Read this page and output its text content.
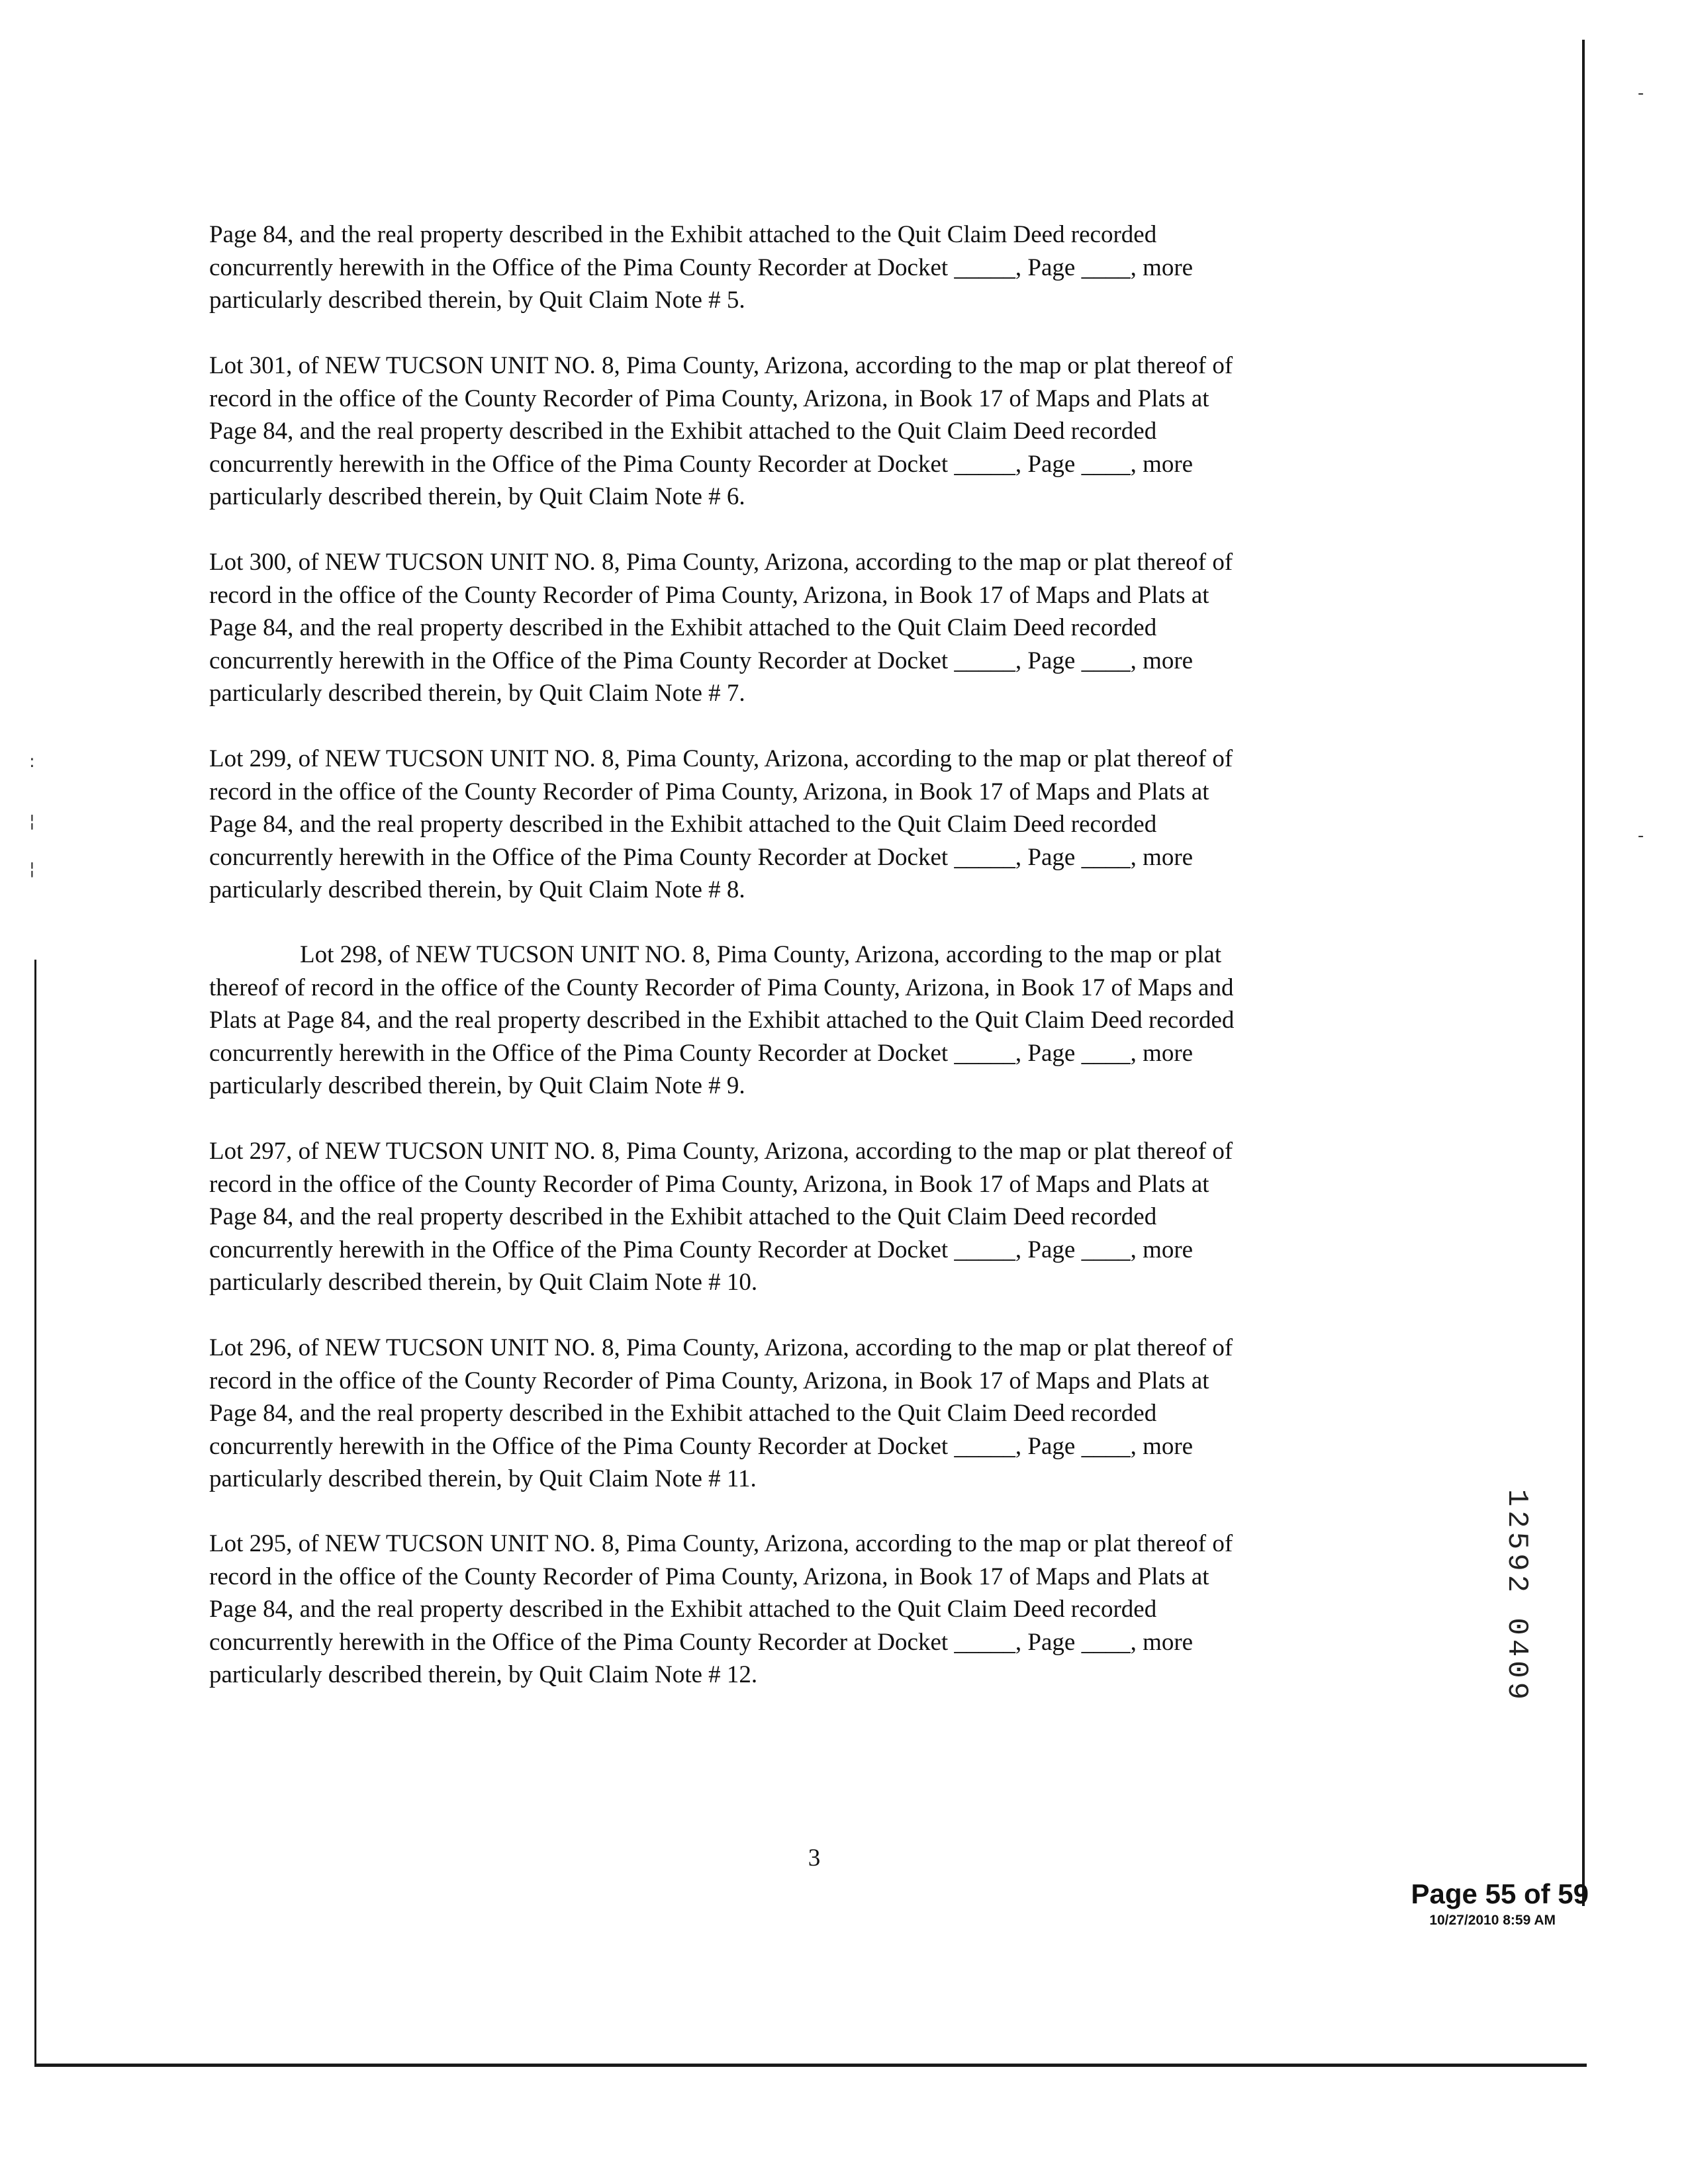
:
¦
¦
-
-

Page 84, and the real property described in the Exhibit attached to the Quit Claim Deed recorded
concurrently herewith in the Office of the Pima County Recorder at Docket _____, Page ____, more
particularly described therein, by Quit Claim Note # 5.

Lot 301, of NEW TUCSON UNIT NO. 8, Pima County, Arizona, according to the map or plat thereof of
record in the office of the County Recorder of Pima County, Arizona, in Book 17 of Maps and Plats at
Page 84, and the real property described in the Exhibit attached to the Quit Claim Deed recorded
concurrently herewith in the Office of the Pima County Recorder at Docket _____, Page ____, more
particularly described therein, by Quit Claim Note # 6.

Lot 300, of NEW TUCSON UNIT NO. 8, Pima County, Arizona, according to the map or plat thereof of
record in the office of the County Recorder of Pima County, Arizona, in Book 17 of Maps and Plats at
Page 84, and the real property described in the Exhibit attached to the Quit Claim Deed recorded
concurrently herewith in the Office of the Pima County Recorder at Docket _____, Page ____, more
particularly described therein, by Quit Claim Note # 7.

Lot 299, of NEW TUCSON UNIT NO. 8, Pima County, Arizona, according to the map or plat thereof of
record in the office of the County Recorder of Pima County, Arizona, in Book 17 of Maps and Plats at
Page 84, and the real property described in the Exhibit attached to the Quit Claim Deed recorded
concurrently herewith in the Office of the Pima County Recorder at Docket _____, Page ____, more
particularly described therein, by Quit Claim Note # 8.

Lot 298, of NEW TUCSON UNIT NO. 8, Pima County, Arizona, according to the map or plat
thereof of record in the office of the County Recorder of Pima County, Arizona, in Book 17 of Maps and
Plats at Page 84, and the real property described in the Exhibit attached to the Quit Claim Deed recorded
concurrently herewith in the Office of the Pima County Recorder at Docket _____, Page ____, more
particularly described therein, by Quit Claim Note # 9.

Lot 297, of NEW TUCSON UNIT NO. 8, Pima County, Arizona, according to the map or plat thereof of
record in the office of the County Recorder of Pima County, Arizona, in Book 17 of Maps and Plats at
Page 84, and the real property described in the Exhibit attached to the Quit Claim Deed recorded
concurrently herewith in the Office of the Pima County Recorder at Docket _____, Page ____, more
particularly described therein, by Quit Claim Note # 10.

Lot 296, of NEW TUCSON UNIT NO. 8, Pima County, Arizona, according to the map or plat thereof of
record in the office of the County Recorder of Pima County, Arizona, in Book 17 of Maps and Plats at
Page 84, and the real property described in the Exhibit attached to the Quit Claim Deed recorded
concurrently herewith in the Office of the Pima County Recorder at Docket _____, Page ____, more
particularly described therein, by Quit Claim Note # 11.

Lot 295, of NEW TUCSON UNIT NO. 8, Pima County, Arizona, according to the map or plat thereof of
record in the office of the County Recorder of Pima County, Arizona, in Book 17 of Maps and Plats at
Page 84, and the real property described in the Exhibit attached to the Quit Claim Deed recorded
concurrently herewith in the Office of the Pima County Recorder at Docket _____, Page ____, more
particularly described therein, by Quit Claim Note # 12.	12592 0409
3
Page 55 of 59
10/27/2010 8:59 AM
